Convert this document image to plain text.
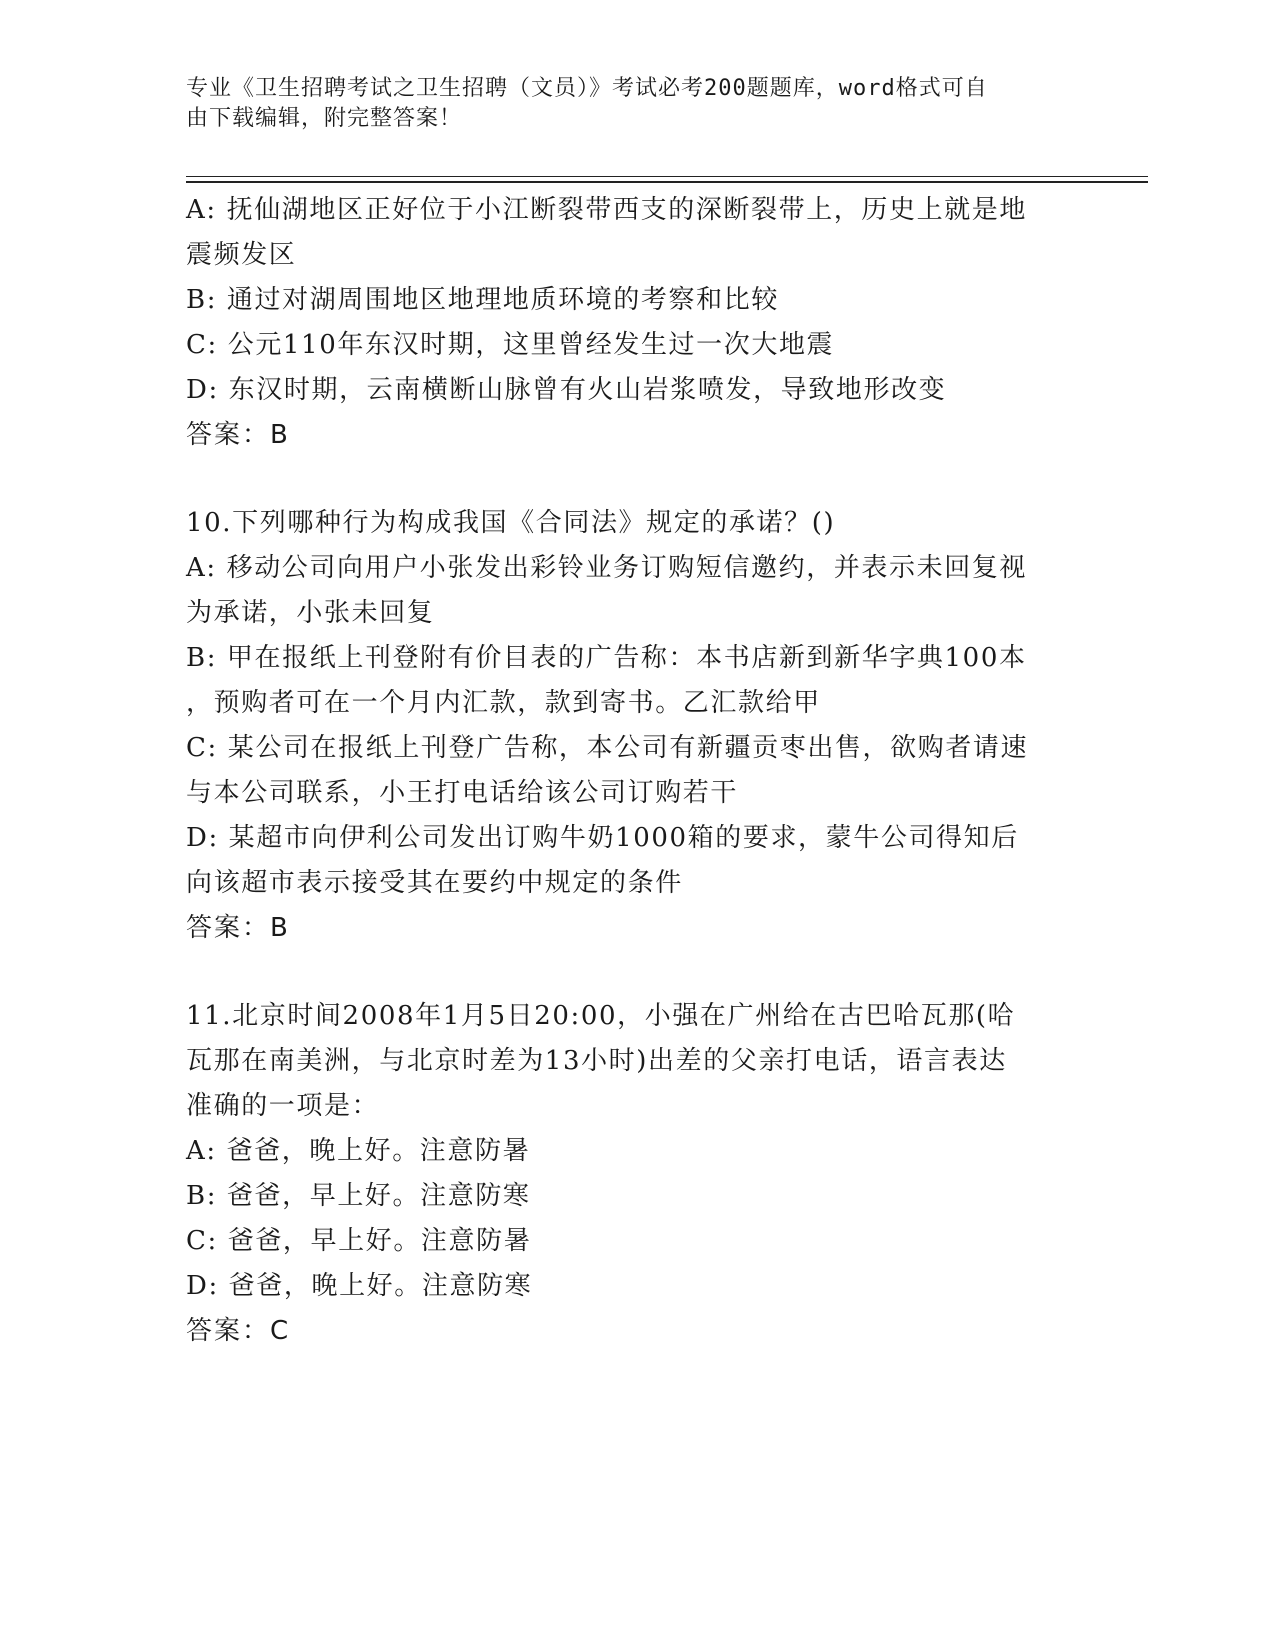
专业《卫生招聘考试之卫生招聘（文员）》考试必考200题题库，word格式可自
由下载编辑，附完整答案！
A: 抚仙湖地区正好位于小江断裂带西支的深断裂带上，历史上就是地
震频发区
B: 通过对湖周围地区地理地质环境的考察和比较
C: 公元110年东汉时期，这里曾经发生过一次大地震
D: 东汉时期，云南横断山脉曾有火山岩浆喷发，导致地形改变
答案：B
10.下列哪种行为构成我国《合同法》规定的承诺？()
A: 移动公司向用户小张发出彩铃业务订购短信邀约，并表示未回复视
为承诺，小张未回复
B: 甲在报纸上刊登附有价目表的广告称：本书店新到新华字典100本
，预购者可在一个月内汇款，款到寄书。乙汇款给甲
C: 某公司在报纸上刊登广告称，本公司有新疆贡枣出售，欲购者请速
与本公司联系，小王打电话给该公司订购若干
D: 某超市向伊利公司发出订购牛奶1000箱的要求，蒙牛公司得知后
向该超市表示接受其在要约中规定的条件
答案：B
11.北京时间2008年1月5日20:00，小强在广州给在古巴哈瓦那(哈
瓦那在南美洲，与北京时差为13小时)出差的父亲打电话，语言表达
准确的一项是：
A: 爸爸，晚上好。注意防暑
B: 爸爸，早上好。注意防寒
C: 爸爸，早上好。注意防暑
D: 爸爸，晚上好。注意防寒
答案：C
